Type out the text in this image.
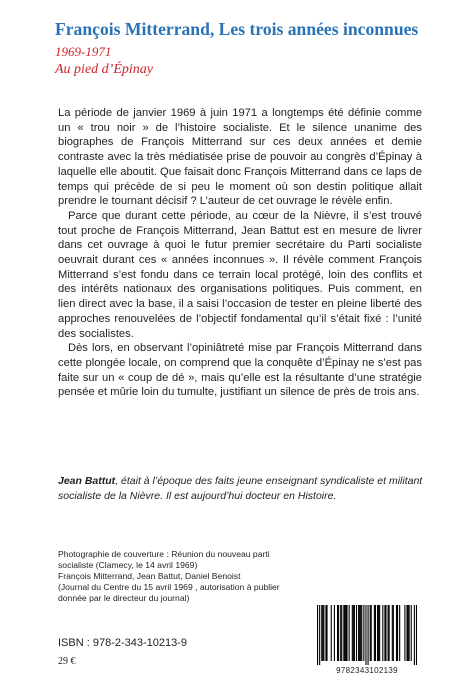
François Mitterrand, Les trois années inconnues
1969-1971
Au pied d’Épinay

La période de janvier 1969 à juin 1971 a longtemps été définie comme un « trou noir » de l’histoire socialiste. Et le silence unanime des biographes de François Mitterrand sur ces deux années et demie contraste avec la très médiatisée prise de pouvoir au congrès d’Épinay à laquelle elle aboutit. Que faisait donc François Mitterrand dans ce laps de temps qui précède de si peu le moment où son destin politique allait prendre le tournant décisif ? L’auteur de cet ouvrage le révèle enfin.

Parce que durant cette période, au cœur de la Nièvre, il s’est trouvé tout proche de François Mitterrand, Jean Battut est en mesure de livrer dans cet ouvrage à quoi le futur premier secrétaire du Parti socialiste oeuvrait durant ces « années inconnues ». Il révèle comment François Mitterrand s’est fondu dans ce terrain local protégé, loin des conflits et des intérêts nationaux des organisations politiques. Puis comment, en lien direct avec la base, il a saisi l’occasion de tester en pleine liberté des approches renouvelées de l’objectif fondamental qu’il s’était fixé : l’unité des socialistes.

Dès lors, en observant l’opiniâtreté mise par François Mitterrand dans cette plongée locale, on comprend que la conquête d’Épinay ne s’est pas faite sur un « coup de dé », mais qu’elle est la résultante d’une stratégie pensée et mûrie loin du tumulte, justifiant un silence de près de trois ans.

Jean Battut, était à l’époque des faits jeune enseignant syndicaliste et militant socialiste de la Nièvre. Il est aujourd’hui docteur en Histoire.
Photographie de couverture : Réunion du nouveau parti socialiste (Clamecy, le 14 avril 1969)
François Mitterrand, Jean Battut, Daniel Benoist
(Journal du Centre du 15 avril 1969 , autorisation à publier donnée par le directeur du journal)
ISBN : 978-2-343-10213-9
29 €
9782343102139
